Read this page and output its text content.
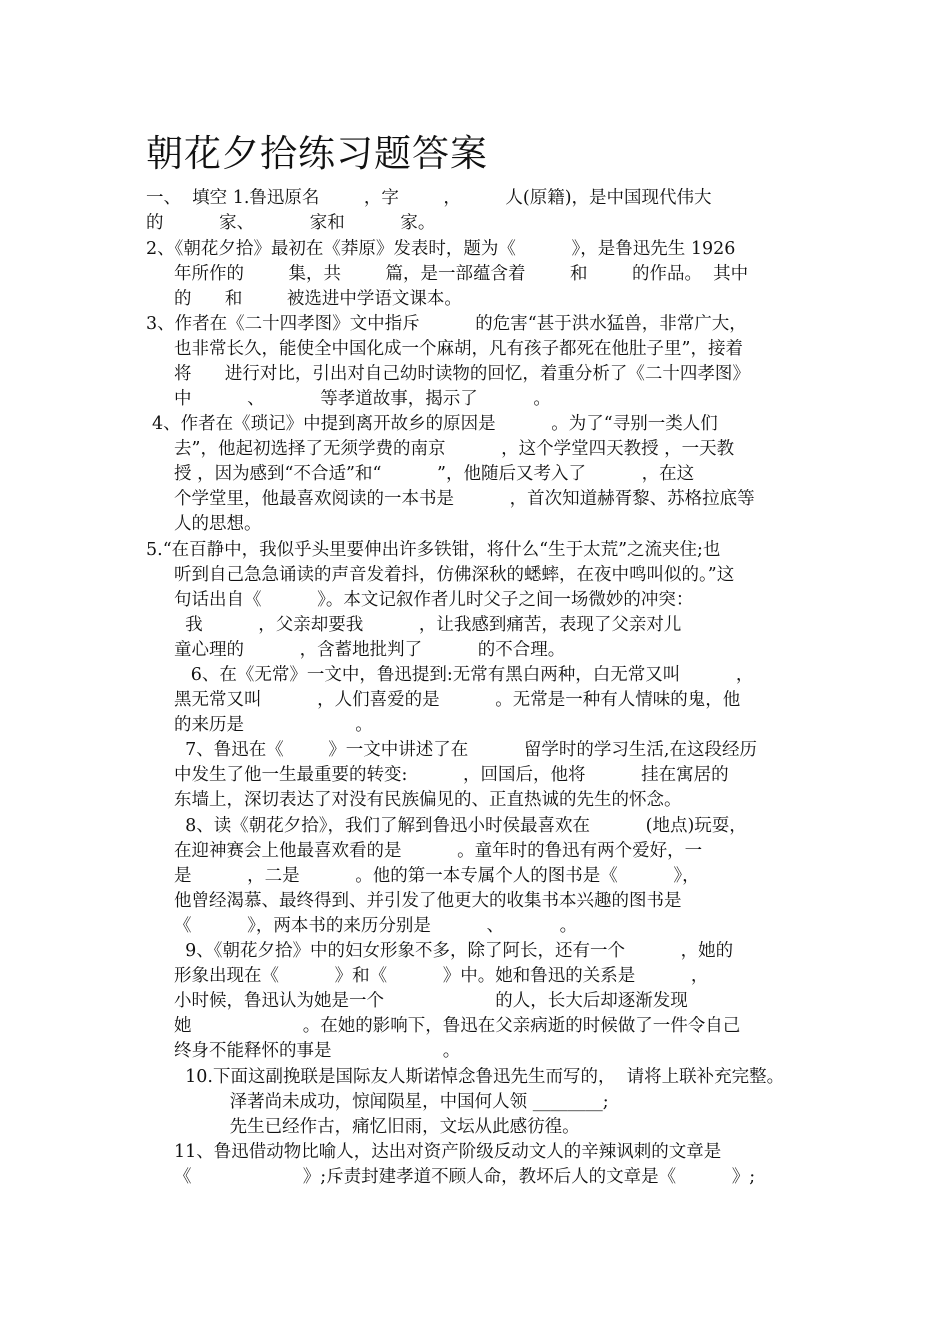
朝花夕拾练习题答案
一、  填空 1.鲁迅原名        ，字        ，        人(原籍)，是中国现代伟大
的          家、          家和          家。
2、《朝花夕拾》最初在《莽原》发表时，题为《          》，是鲁迅先生 1926
年所作的        集，共        篇，是一部蕴含着        和        的作品。  其中
的      和        被选进中学语文课本。
3、作者在《二十四孝图》文中指斥          的危害“甚于洪水猛兽，非常广大，
也非常长久，能使全中国化成一个麻胡，凡有孩子都死在他肚子里”，接着
将      进行对比，引出对自己幼时读物的回忆，着重分析了《二十四孝图》
中          、          等孝道故事，揭示了          。
4、作者在《琐记》中提到离开故乡的原因是          。为了“寻别一类人们
去”，他起初选择了无须学费的南京          ，这个学堂四天教授 ，一天教
授 ，因为感到“不合适”和“          ”，他随后又考入了          ，在这
个学堂里，他最喜欢阅读的一本书是          ，首次知道赫胥黎、苏格拉底等
人的思想。
5.“在百静中，我似乎头里要伸出许多铁钳，将什么“生于太荒”之流夹住;也
听到自己急急诵读的声音发着抖，仿佛深秋的蟋蟀，在夜中鸣叫似的。”这
句话出自《          》。本文记叙作者儿时父子之间一场微妙的冲突：
我          ，父亲却要我          ，让我感到痛苦，表现了父亲对儿
童心理的          ，含蓄地批判了          的不合理。
6、在《无常》一文中，鲁迅提到:无常有黑白两种，白无常又叫          ，
黑无常又叫          ，人们喜爱的是          。无常是一种有人情味的鬼，他
的来历是                    。
7、鲁迅在《        》一文中讲述了在          留学时的学习生活,在这段经历
中发生了他一生最重要的转变:          ，回国后，他将          挂在寓居的
东墙上，深切表达了对没有民族偏见的、正直热诚的先生的怀念。
8、读《朝花夕拾》，我们了解到鲁迅小时侯最喜欢在          (地点)玩耍，
在迎神赛会上他最喜欢看的是          。童年时的鲁迅有两个爱好，一
是          ，二是          。他的第一本专属个人的图书是《          》，
他曾经渴慕、最终得到、并引发了他更大的收集书本兴趣的图书是
《          》，两本书的来历分别是          、          。
9、《朝花夕拾》中的妇女形象不多，除了阿长，还有一个          ，她的
形象出现在《          》和《          》中。她和鲁迅的关系是          ，
小时候，鲁迅认为她是一个                    的人，长大后却逐渐发现
她                    。在她的影响下，鲁迅在父亲病逝的时候做了一件令自己
终身不能释怀的事是                    。
10.下面这副挽联是国际友人斯诺悼念鲁迅先生而写的，  请将上联补充完整。
泽著尚未成功，惊闻陨星，中国何人领 ________;
先生已经作古，痛忆旧雨，文坛从此感彷徨。
11、鲁迅借动物比喻人，达出对资产阶级反动文人的辛辣讽刺的文章是
《                    》;斥责封建孝道不顾人命，教坏后人的文章是《          》;
